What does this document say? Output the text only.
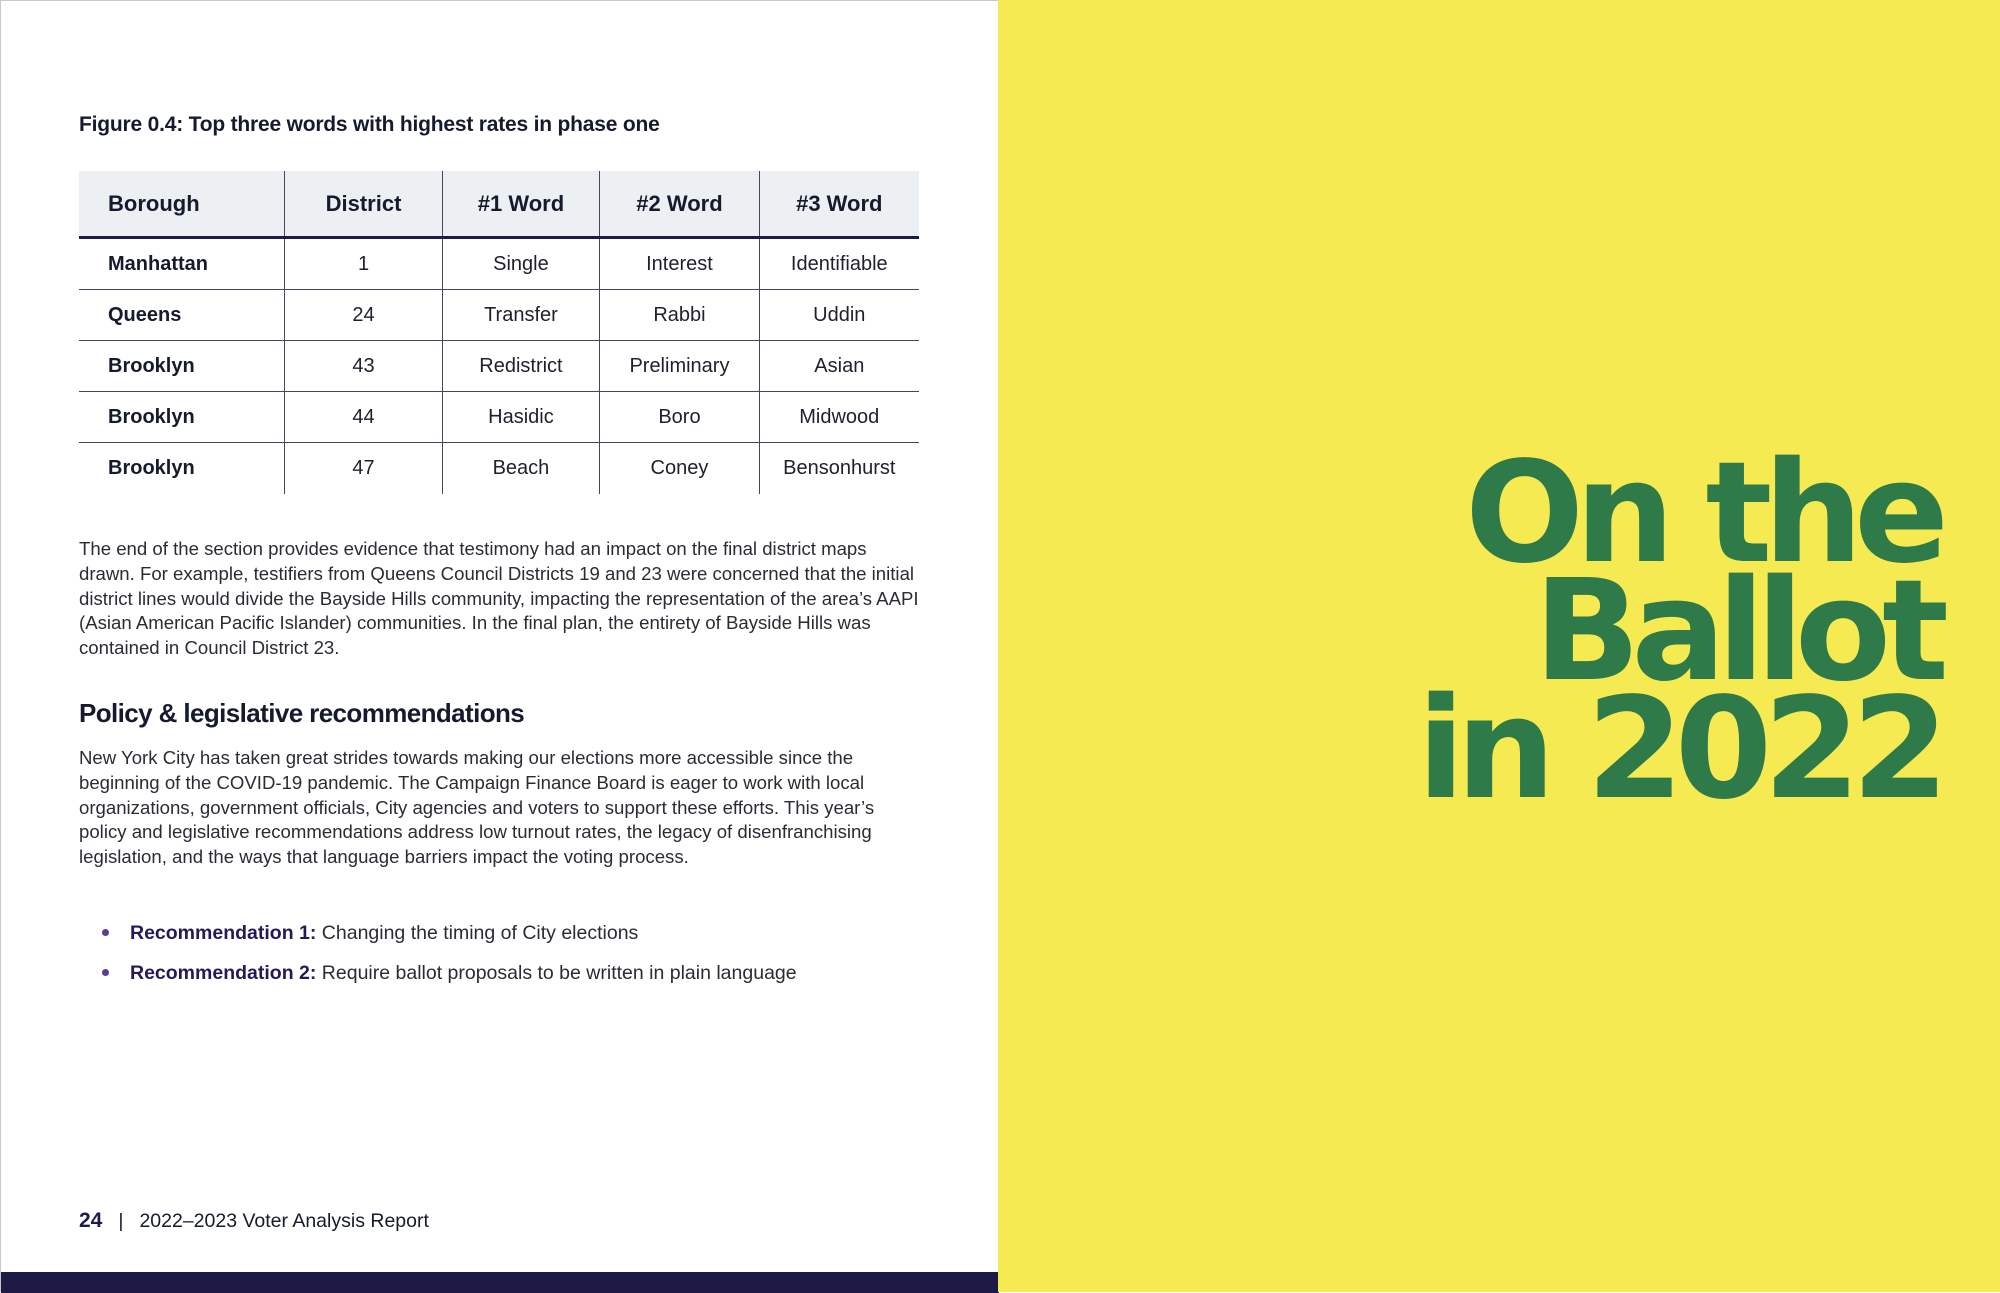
Figure 0.4: Top three words with highest rates in phase one
Borough	District	#1 Word	#2 Word	#3 Word
Manhattan	1	Single	Interest	Identifiable
Queens	24	Transfer	Rabbi	Uddin
Brooklyn	43	Redistrict	Preliminary	Asian
Brooklyn	44	Hasidic	Boro	Midwood
Brooklyn	47	Beach	Coney	Bensonhurst

The end of the section provides evidence that testimony had an impact on the final district maps drawn. For example, testifiers from Queens Council Districts 19 and 23 were concerned that the initial district lines would divide the Bayside Hills community, impacting the representation of the area’s AAPI (Asian American Pacific Islander) communities. In the final plan, the entirety of Bayside Hills was contained in Council District 23.

Policy & legislative recommendations

New York City has taken great strides towards making our elections more accessible since the beginning of the COVID-19 pandemic. The Campaign Finance Board is eager to work with local organizations, government officials, City agencies and voters to support these efforts. This year’s policy and legislative recommendations address low turnout rates, the legacy of disenfranchising legislation, and the ways that language barriers impact the voting process.

Recommendation 1: Changing the timing of City elections
Recommendation 2: Require ballot proposals to be written in plain language
24 | 2022–2023 Voter Analysis Report
On the
Ballot
in 2022
